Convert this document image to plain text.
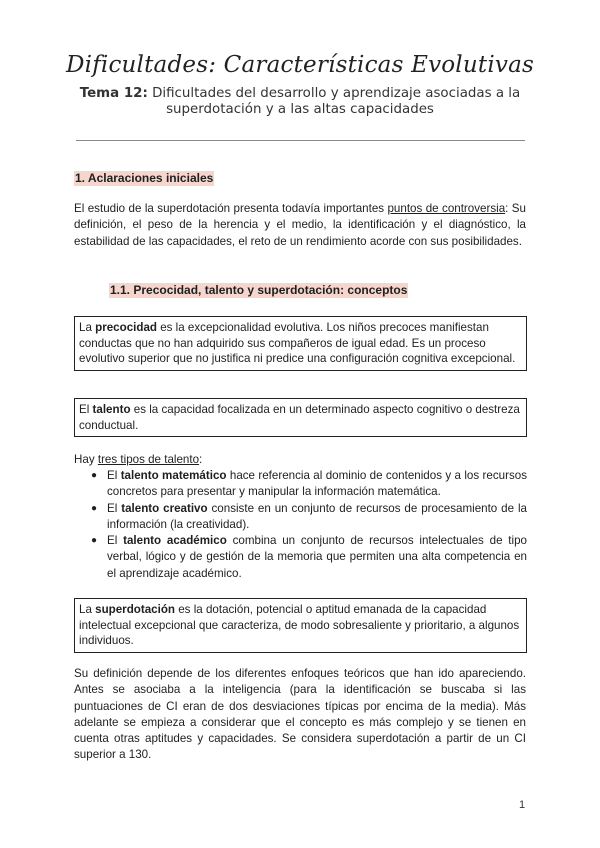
Dificultades: Características Evolutivas
Tema 12: Dificultades del desarrollo y aprendizaje asociadas a la superdotación y a las altas capacidades
1. Aclaraciones iniciales
El estudio de la superdotación presenta todavía importantes puntos de controversia: Su definición, el peso de la herencia y el medio, la identificación y el diagnóstico, la estabilidad de las capacidades, el reto de un rendimiento acorde con sus posibilidades.
1.1. Precocidad, talento y superdotación: conceptos
La precocidad es la excepcionalidad evolutiva. Los niños precoces manifiestan conductas que no han adquirido sus compañeros de igual edad. Es un proceso evolutivo superior que no justifica ni predice una configuración cognitiva excepcional.
El talento es la capacidad focalizada en un determinado aspecto cognitivo o destreza conductual.
Hay tres tipos de talento:
● El talento matemático hace referencia al dominio de contenidos y a los recursos concretos para presentar y manipular la información matemática.
● El talento creativo consiste en un conjunto de recursos de procesamiento de la información (la creatividad).
● El talento académico combina un conjunto de recursos intelectuales de tipo verbal, lógico y de gestión de la memoria que permiten una alta competencia en el aprendizaje académico.
La superdotación es la dotación, potencial o aptitud emanada de la capacidad intelectual excepcional que caracteriza, de modo sobresaliente y prioritario, a algunos individuos.
Su definición depende de los diferentes enfoques teóricos que han ido apareciendo. Antes se asociaba a la inteligencia (para la identificación se buscaba si las puntuaciones de CI eran de dos desviaciones típicas por encima de la media). Más adelante se empieza a considerar que el concepto es más complejo y se tienen en cuenta otras aptitudes y capacidades. Se considera superdotación a partir de un CI superior a 130.
1
